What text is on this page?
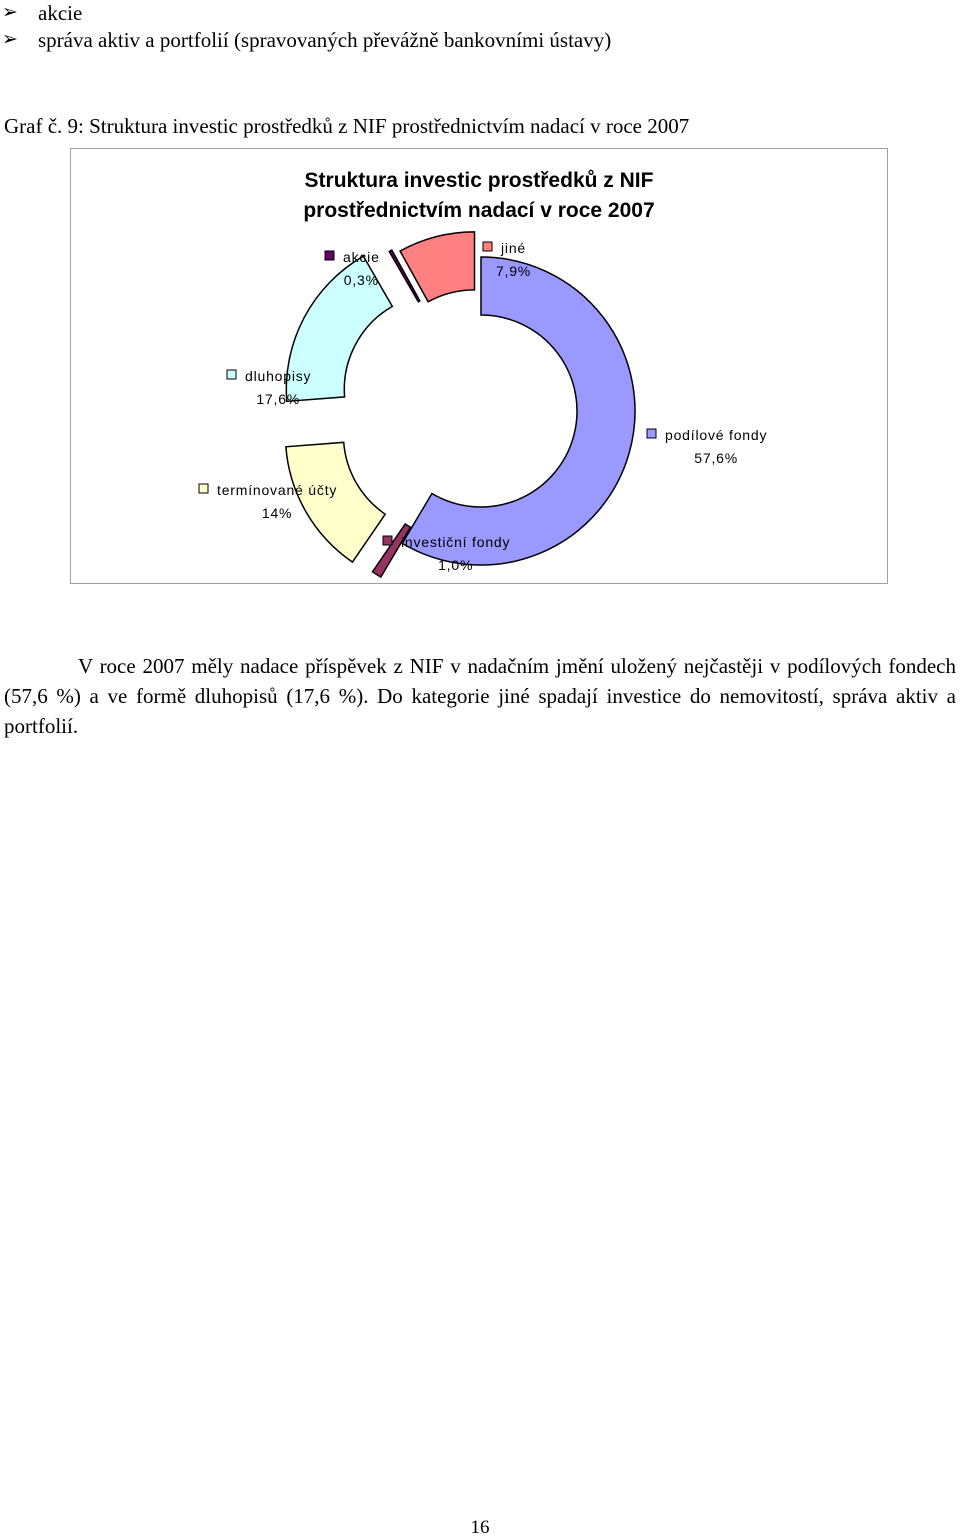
➢ akcie
➢ správa aktiv a portfolií (spravovaných převážně bankovními ústavy)
Graf č. 9: Struktura investic prostředků z NIF prostřednictvím nadací v roce 2007
Struktura investic prostředků z NIF
prostřednictvím nadací v roce 2007
podílové fondy
57,6%
investiční fondy
1,0%
termínované účty
14%
dluhopisy
17,6%
akcie
0,3%
jiné
7,9%
V roce 2007 měly nadace příspěvek z NIF v nadačním jmění uložený nejčastěji v podílových fondech (57,6 %) a ve formě dluhopisů (17,6 %). Do kategorie jiné spadají investice do nemovitostí, správa aktiv a portfolií.
16
